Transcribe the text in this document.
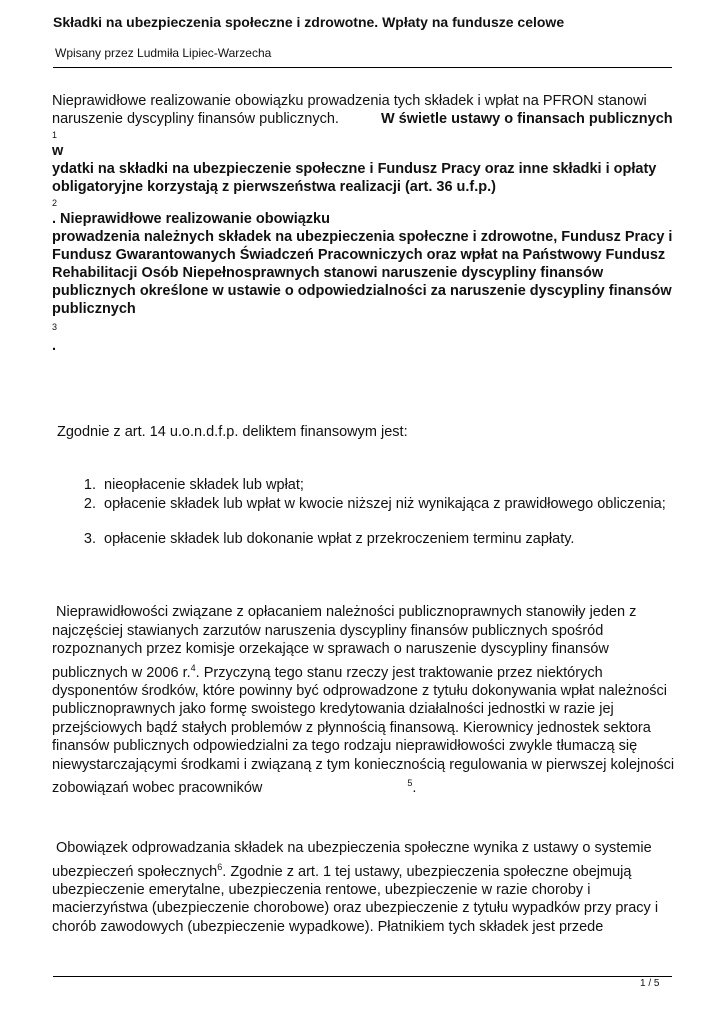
Składki na ubezpieczenia społeczne i zdrowotne. Wpłaty na fundusze celowe
Wpisany przez Ludmiła Lipiec-Warzecha
Nieprawidłowe realizowanie obowiązku prowadzenia tych składek i wpłat na PFRON stanowi
naruszenie dyscypliny finansów publicznych.	W świetle ustawy o finansach publicznych
1
w
ydatki na składki na ubezpieczenie społeczne i Fundusz Pracy oraz inne składki i opłaty obligatoryjne korzystają z pierwszeństwa realizacji (art. 36 u.f.p.)
2
. Nieprawidłowe realizowanie obowiązku
prowadzenia należnych składek na ubezpieczenia społeczne i zdrowotne, Fundusz Pracy i Fundusz Gwarantowanych Świadczeń Pracowniczych oraz wpłat na Państwowy Fundusz Rehabilitacji Osób Niepełnosprawnych stanowi naruszenie dyscypliny finansów publicznych określone w ustawie o odpowiedzialności za naruszenie dyscypliny finansów publicznych
3
.
Zgodnie z art. 14 u.o.n.d.f.p. deliktem finansowym jest:
1. nieopłacenie składek lub wpłat;
2. opłacenie składek lub wpłat w kwocie niższej niż wynikająca z prawidłowego obliczenia;
3. opłacenie składek lub dokonanie wpłat z przekroczeniem terminu zapłaty.
Nieprawidłowości związane z opłacaniem należności publicznoprawnych stanowiły jeden z najczęściej stawianych zarzutów naruszenia dyscypliny finansów publicznych spośród rozpoznanych przez komisje orzekające w sprawach o naruszenie dyscypliny finansów publicznych w 2006 r.$^4$. Przyczyną tego stanu rzeczy jest traktowanie przez niektórych dysponentów środków, które powinny być odprowadzone z tytułu dokonywania wpłat należności publicznoprawnych jako formę swoistego kredytowania działalności jednostki w razie jej przejściowych bądź stałych problemów z płynnością finansową. Kierownicy jednostek sektora finansów publicznych odpowiedzialni za tego rodzaju nieprawidłowości zwykle tłumaczą się niewystarczającymi środkami i związaną z tym koniecznością regulowania w pierwszej kolejności zobowiązań wobec pracowników	$^5$.
Obowiązek odprowadzania składek na ubezpieczenia społeczne wynika z ustawy o systemie ubezpieczeń społecznych$^6$. Zgodnie z art. 1 tej ustawy, ubezpieczenia społeczne obejmują ubezpieczenie emerytalne, ubezpieczenia rentowe, ubezpieczenie w razie choroby i macierzyństwa (ubezpieczenie chorobowe) oraz ubezpieczenie z tytułu wypadków przy pracy i chorób zawodowych (ubezpieczenie wypadkowe). Płatnikiem tych składek jest przede
1 / 5
